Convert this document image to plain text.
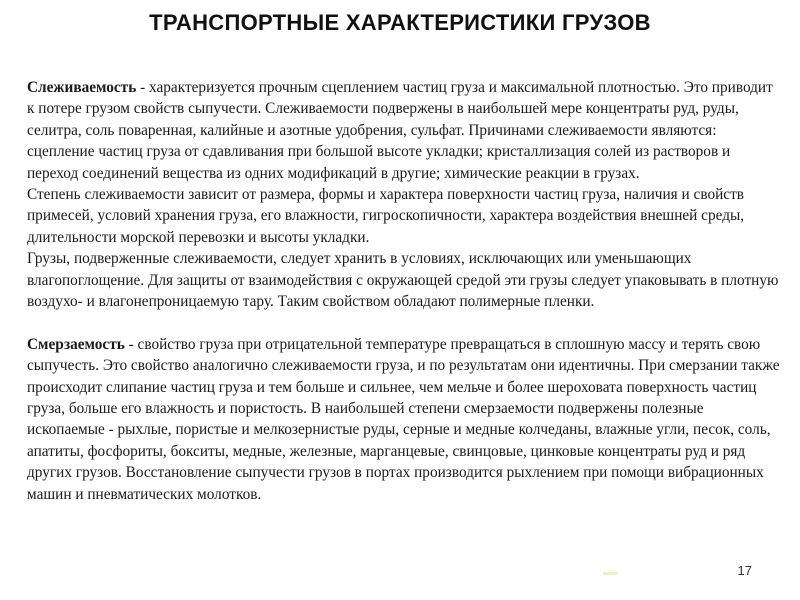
ТРАНСПОРТНЫЕ ХАРАКТЕРИСТИКИ ГРУЗОВ

Слеживаемость - характеризуется прочным сцеплением частиц груза и максимальной плотностью. Это приводит к потере грузом свойств сыпучести. Слеживаемости подвержены в наибольшей мере концентраты руд, руды, селитра, соль поваренная, калийные и азотные удобрения, сульфат. Причинами слеживаемости являются: сцепление частиц груза от сдавливания при большой высоте укладки; кристаллизация солей из растворов и переход соединений вещества из одних модификаций в другие; химические реакции в грузах.

Степень слеживаемости зависит от размера, формы и характера поверхности частиц груза, наличия и свойств примесей, условий хранения груза, его влажности, гигроскопичности, характера воздействия внешней среды, длительности морской перевозки и высоты укладки.

Грузы, подверженные слеживаемости, следует хранить в условиях, исключающих или уменьшающих влагопоглощение. Для защиты от взаимодействия с окружающей средой эти грузы следует упаковывать в плотную воздухо- и влагонепроницаемую тару. Таким свойством обладают полимерные пленки.

Смерзаемость - свойство груза при отрицательной температуре превращаться в сплошную массу и терять свою сыпучесть. Это свойство аналогично слеживаемости груза, и по результатам они идентичны. При смерзании также происходит слипание частиц груза и тем больше и сильнее, чем мельче и более шероховата поверхность частиц груза, больше его влажность и пористость. В наибольшей степени смерзаемости подвержены полезные ископаемые - рыхлые, пористые и мелкозернистые руды, серные и медные колчеданы, влажные угли, песок, соль, апатиты, фосфориты, бокситы, медные, железные, марганцевые, свинцовые, цинковые концентраты руд и ряд других грузов. Восстановление сыпучести грузов в портах производится рыхлением при помощи вибрационных машин и пневматических молотков.

17
